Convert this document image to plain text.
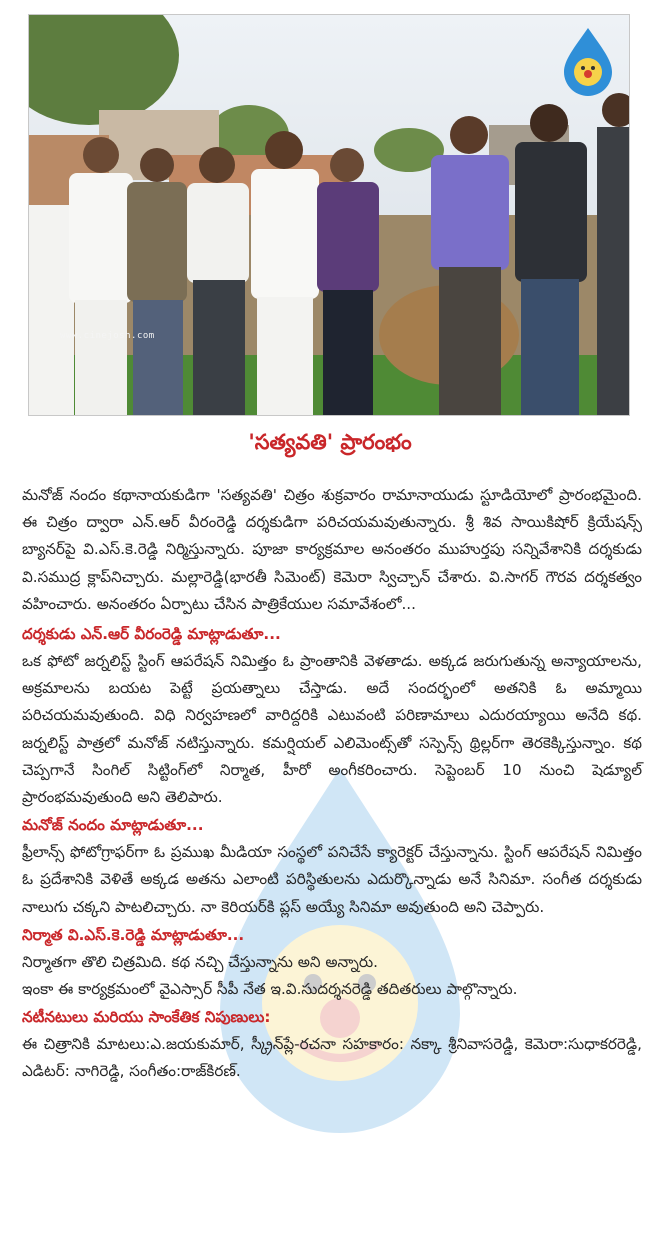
www.cinejosh.com
'సత్యవతి' ప్రారంభం

మనోజ్ నందం కథానాయకుడిగా 'సత్యవతి' చిత్రం శుక్రవారం రామానాయుడు స్టూడియోలో ప్రారంభమైంది. ఈ చిత్రం ద్వారా ఎన్.ఆర్ వీరంరెడ్డి దర్శకుడిగా పరిచయమవుతున్నారు. శ్రీ శివ సాయికిషోర్ క్రియేషన్స్ బ్యానర్‌పై వి.ఎస్.కె.రెడ్డి నిర్మిస్తున్నారు. పూజా కార్యక్రమాల అనంతరం ముహుర్తపు సన్నివేశానికి దర్శకుడు వి.సముద్ర క్లాప్‌నిచ్చారు. మల్లారెడ్డి(భారతీ సిమెంట్) కెమెరా స్విచ్చాన్ చేశారు. వి.సాగర్ గౌరవ దర్శకత్వం వహించారు. అనంతరం ఏర్పాటు చేసిన పాత్రికేయుల సమావేశంలో...

దర్శకుడు ఎన్.ఆర్ వీరంరెడ్డి మాట్లాడుతూ...

ఒక ఫోటో జర్నలిస్ట్ స్టింగ్ ఆపరేషన్ నిమిత్తం ఓ ప్రాంతానికి వెళతాడు. అక్కడ జరుగుతున్న అన్యాయాలను, అక్రమాలను బయట పెట్టే ప్రయత్నాలు చేస్తాడు. అదే సందర్భంలో అతనికి ఓ అమ్మాయి పరిచయమవుతుంది. విధి నిర్వహణలో వారిద్దరికి ఎటువంటి పరిణామాలు ఎదురయ్యాయి అనేది కథ. జర్నలిస్ట్ పాత్రలో మనోజ్ నటిస్తున్నారు. కమర్షియల్ ఎలిమెంట్స్‌తో సస్పెన్స్ థ్రిల్లర్‌గా తెరకెక్కిస్తున్నాం. కథ చెప్పగానే సింగిల్ సిట్టింగ్‌లో నిర్మాత, హీరో అంగీకరించారు. సెప్టెంబర్ 10 నుంచి షెడ్యూల్ ప్రారంభమవుతుంది అని తెలిపారు.

మనోజ్ నందం మాట్లాడుతూ...

ఫ్రీలాన్స్ ఫోటోగ్రాఫర్‌గా ఓ ప్రముఖ మీడియా సంస్థలో పనిచేసే క్యారెక్టర్ చేస్తున్నాను. స్టింగ్ ఆపరేషన్ నిమిత్తం ఓ ప్రదేశానికి వెళితే అక్కడ అతను ఎలాంటి పరిస్థితులను ఎదుర్కొన్నాడు అనే సినిమా. సంగీత దర్శకుడు నాలుగు చక్కని పాటలిచ్చారు. నా కెరియర్‌కి ప్లస్ అయ్యే సినిమా అవుతుంది అని చెప్పారు.

నిర్మాత వి.ఎస్.కె.రెడ్డి మాట్లాడుతూ...

నిర్మాతగా తొలి చిత్రమిది. కథ నచ్చి చేస్తున్నాను అని అన్నారు.

ఇంకా ఈ కార్యక్రమంలో వైఎస్సార్ సీపీ నేత ఇ.వి.సుదర్శనరెడ్డి తదితరులు పాల్గొన్నారు.

నటీనటులు మరియు సాంకేతిక నిపుణులు:

ఈ చిత్రానికి మాటలు:ఎ.జయకుమార్, స్క్రీన్‌ప్లే-రచనా సహకారం: నక్కా శ్రీనివాసరెడ్డి, కెమెరా:సుధాకరరెడ్డి, ఎడిటర్: నాగిరెడ్డి, సంగీతం:రాజ్‌కిరణ్.
